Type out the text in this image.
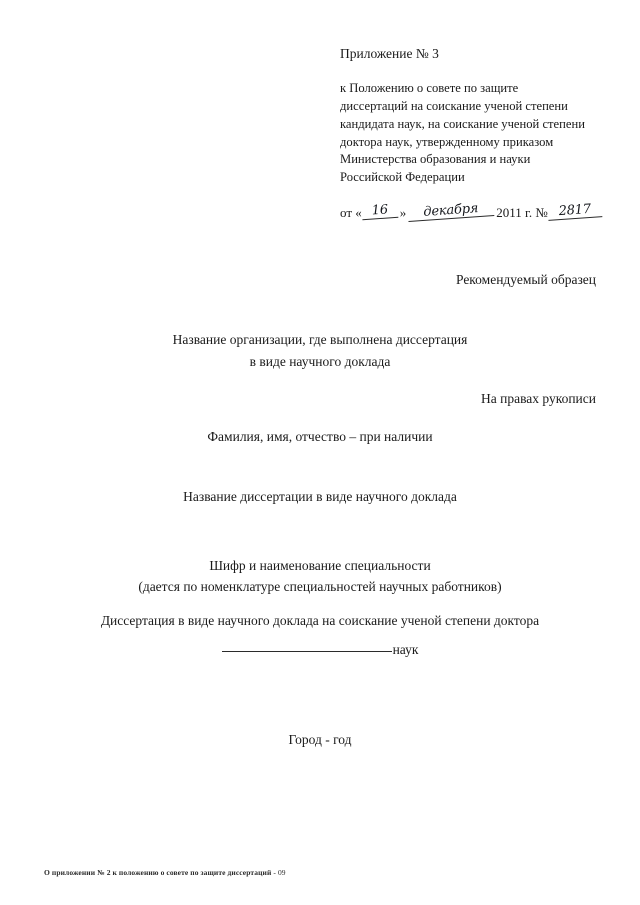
Приложение № 3
к Положению о совете по защите диссертаций на соискание ученой степени кандидата наук, на соискание ученой степени доктора наук, утвержденному приказом Министерства образования и науки Российской Федерации
от « 16 »	декабря	2011 г. № 2817
Рекомендуемый образец
Название организации, где выполнена диссертация
в виде научного доклада
На правах рукописи
Фамилия, имя, отчество – при наличии
Название диссертации в виде научного доклада
Шифр и наименование специальности
(дается по номенклатуре специальностей научных работников)
Диссертация в виде научного доклада на соискание ученой степени доктора
наук
Город - год
О приложении № 2 к положению о совете по защите диссертаций - 09
